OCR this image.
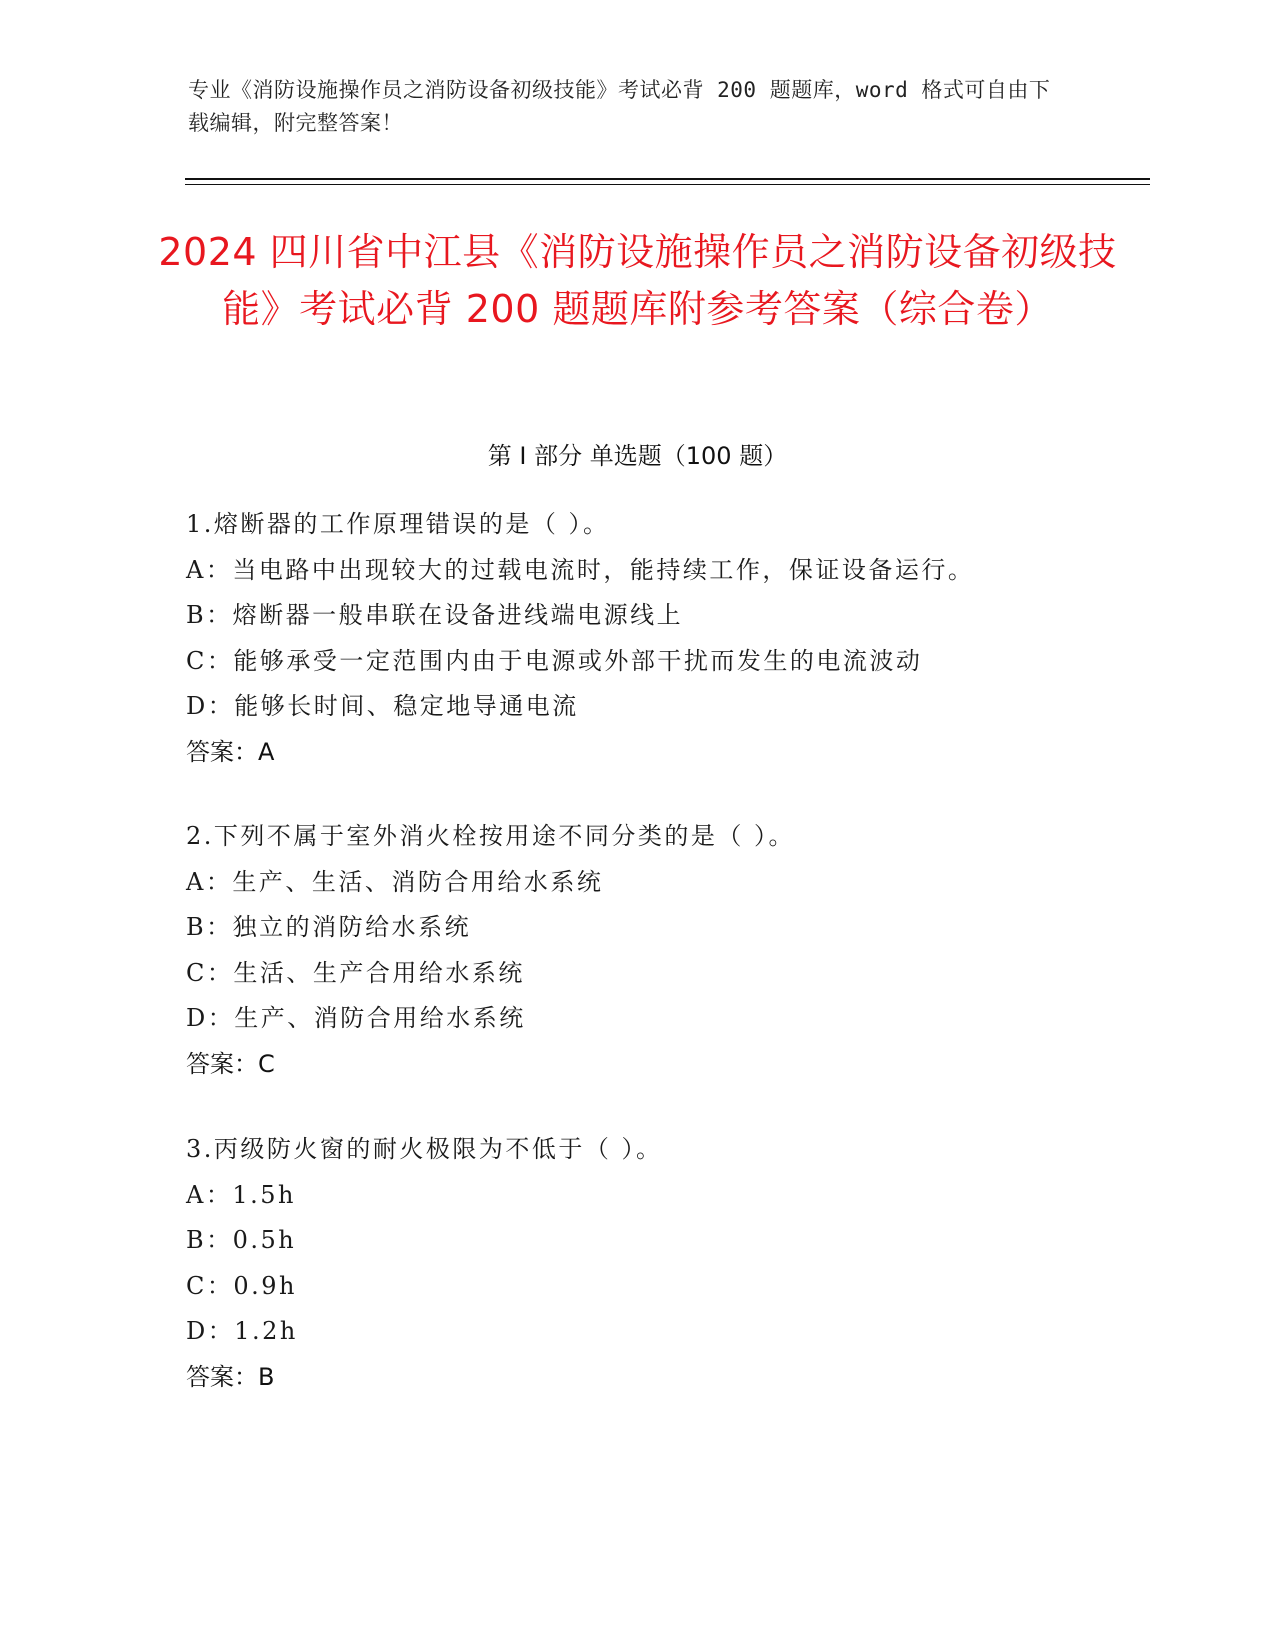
专业《消防设施操作员之消防设备初级技能》考试必背 200 题题库，word 格式可自由下载编辑，附完整答案！
2024 四川省中江县《消防设施操作员之消防设备初级技能》考试必背 200 题题库附参考答案（综合卷）
第 I 部分 单选题（100 题）
1.熔断器的工作原理错误的是（ ）。
A：当电路中出现较大的过载电流时，能持续工作，保证设备运行。
B：熔断器一般串联在设备进线端电源线上
C：能够承受一定范围内由于电源或外部干扰而发生的电流波动
D：能够长时间、稳定地导通电流
答案：A
2.下列不属于室外消火栓按用途不同分类的是（ ）。
A：生产、生活、消防合用给水系统
B：独立的消防给水系统
C：生活、生产合用给水系统
D：生产、消防合用给水系统
答案：C
3.丙级防火窗的耐火极限为不低于（ ）。
A：1.5h
B：0.5h
C：0.9h
D：1.2h
答案：B
